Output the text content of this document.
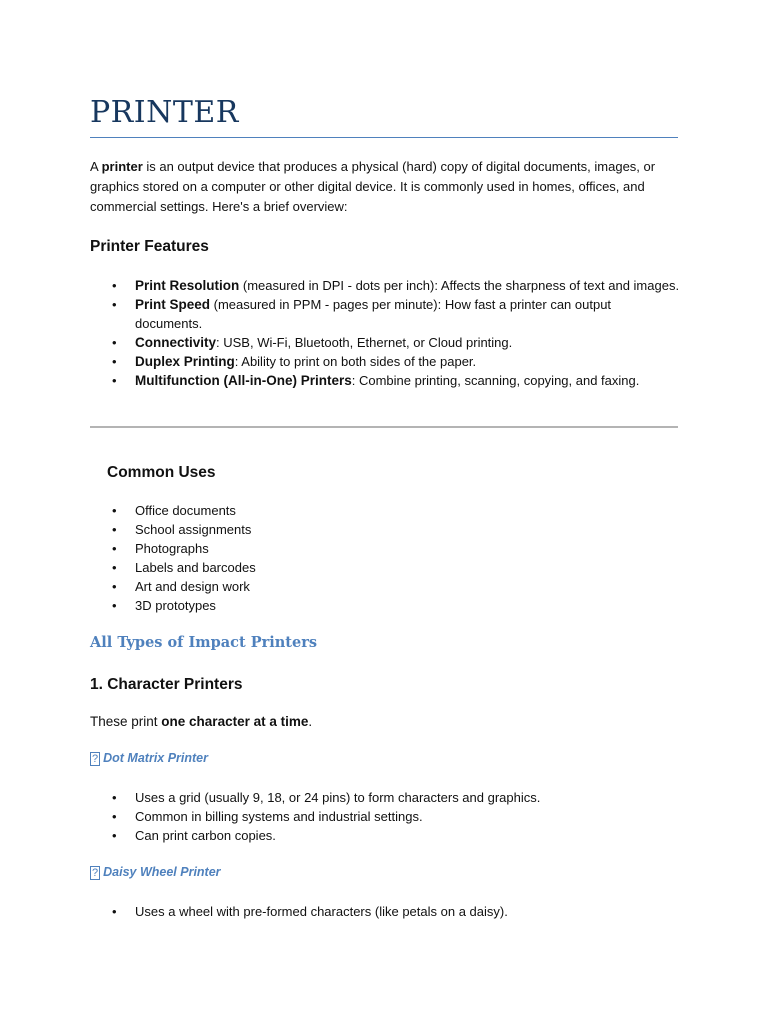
PRINTER
A printer is an output device that produces a physical (hard) copy of digital documents, images, or graphics stored on a computer or other digital device. It is commonly used in homes, offices, and commercial settings. Here's a brief overview:
Printer Features
• Print Resolution (measured in DPI - dots per inch): Affects the sharpness of text and images.
• Print Speed (measured in PPM - pages per minute): How fast a printer can output documents.
• Connectivity: USB, Wi-Fi, Bluetooth, Ethernet, or Cloud printing.
• Duplex Printing: Ability to print on both sides of the paper.
• Multifunction (All-in-One) Printers: Combine printing, scanning, copying, and faxing.
Common Uses
• Office documents
• School assignments
• Photographs
• Labels and barcodes
• Art and design work
• 3D prototypes
All Types of Impact Printers
1. Character Printers
These print one character at a time.
? Dot Matrix Printer
• Uses a grid (usually 9, 18, or 24 pins) to form characters and graphics.
• Common in billing systems and industrial settings.
• Can print carbon copies.
? Daisy Wheel Printer
• Uses a wheel with pre-formed characters (like petals on a daisy).
